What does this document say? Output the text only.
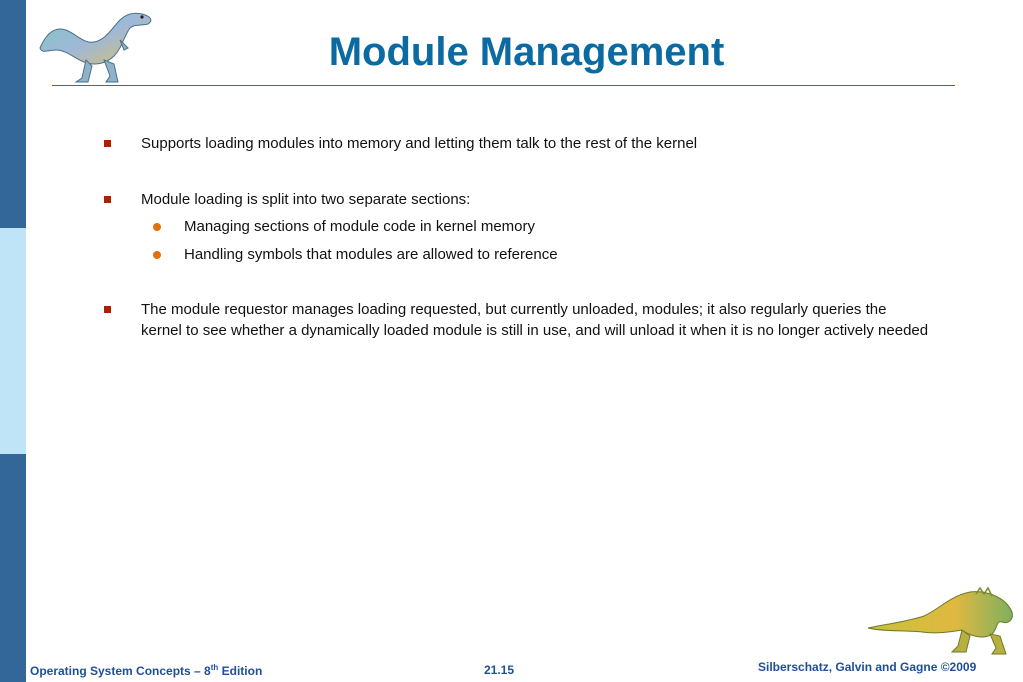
Module Management
Supports loading modules into memory and letting them talk to the rest of the kernel
Module loading is split into two separate sections:
Managing sections of module code in kernel memory
Handling symbols that modules are allowed to reference
The module requestor manages loading requested, but currently unloaded, modules; it also regularly queries the kernel to see whether a dynamically loaded module is still in use, and will unload it when it is no longer actively needed
Operating System Concepts – 8th Edition	21.15	Silberschatz, Galvin and Gagne ©2009
